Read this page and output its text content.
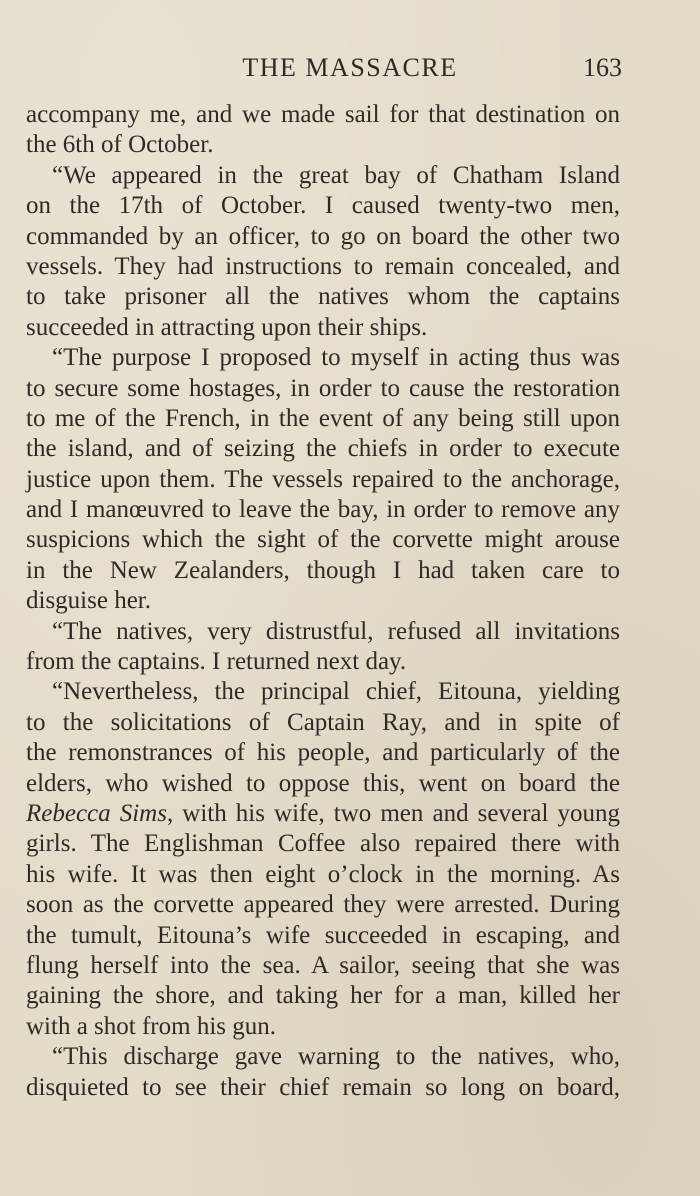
THE MASSACRE	163
accompany me, and we made sail for that destination on
the 6th of October.
“We appeared in the great bay of Chatham Island
on the 17th of October. I caused twenty-two men,
commanded by an officer, to go on board the other two
vessels. They had instructions to remain concealed, and
to take prisoner all the natives whom the captains
succeeded in attracting upon their ships.
“The purpose I proposed to myself in acting thus was
to secure some hostages, in order to cause the restoration
to me of the French, in the event of any being still upon
the island, and of seizing the chiefs in order to execute
justice upon them. The vessels repaired to the anchorage,
and I manœuvred to leave the bay, in order to remove any
suspicions which the sight of the corvette might arouse
in the New Zealanders, though I had taken care to
disguise her.
“The natives, very distrustful, refused all invitations
from the captains. I returned next day.
“Nevertheless, the principal chief, Eitouna, yielding
to the solicitations of Captain Ray, and in spite of
the remonstrances of his people, and particularly of the
elders, who wished to oppose this, went on board the
Rebecca Sims, with his wife, two men and several young
girls. The Englishman Coffee also repaired there with
his wife. It was then eight o’clock in the morning. As
soon as the corvette appeared they were arrested. During
the tumult, Eitouna’s wife succeeded in escaping, and
flung herself into the sea. A sailor, seeing that she was
gaining the shore, and taking her for a man, killed her
with a shot from his gun.
“This discharge gave warning to the natives, who,
disquieted to see their chief remain so long on board,
